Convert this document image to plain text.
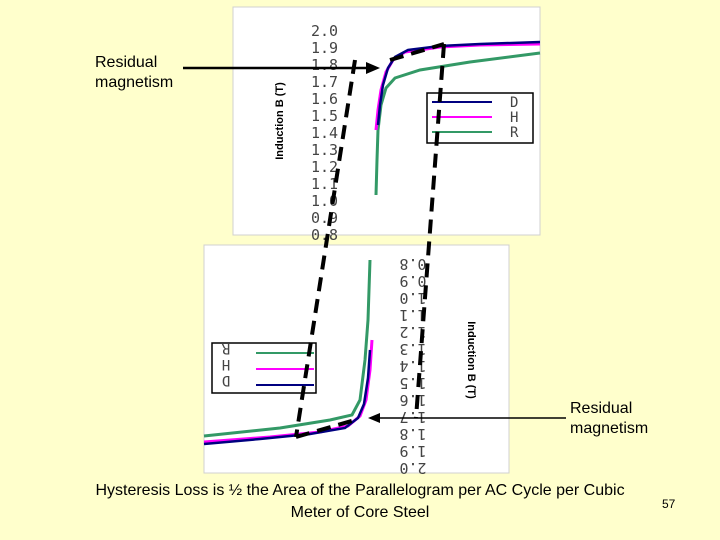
Induction B (T)
2.0
1.9
1.8
1.7
1.6
1.5
1.4
1.3
1.2
1.1
1.0
0.9
0.8
D
H
R
Induction B (T)
0.8
0.9
1.0
1.1
1.2
1.3
1.4
1.5
1.6
1.7
1.8
1.9
2.0
D
H
R
Residual
magnetism
Residual
magnetism
Hysteresis Loss is ½ the Area of the Parallelogram per AC Cycle per Cubic
Meter of Core Steel	57
